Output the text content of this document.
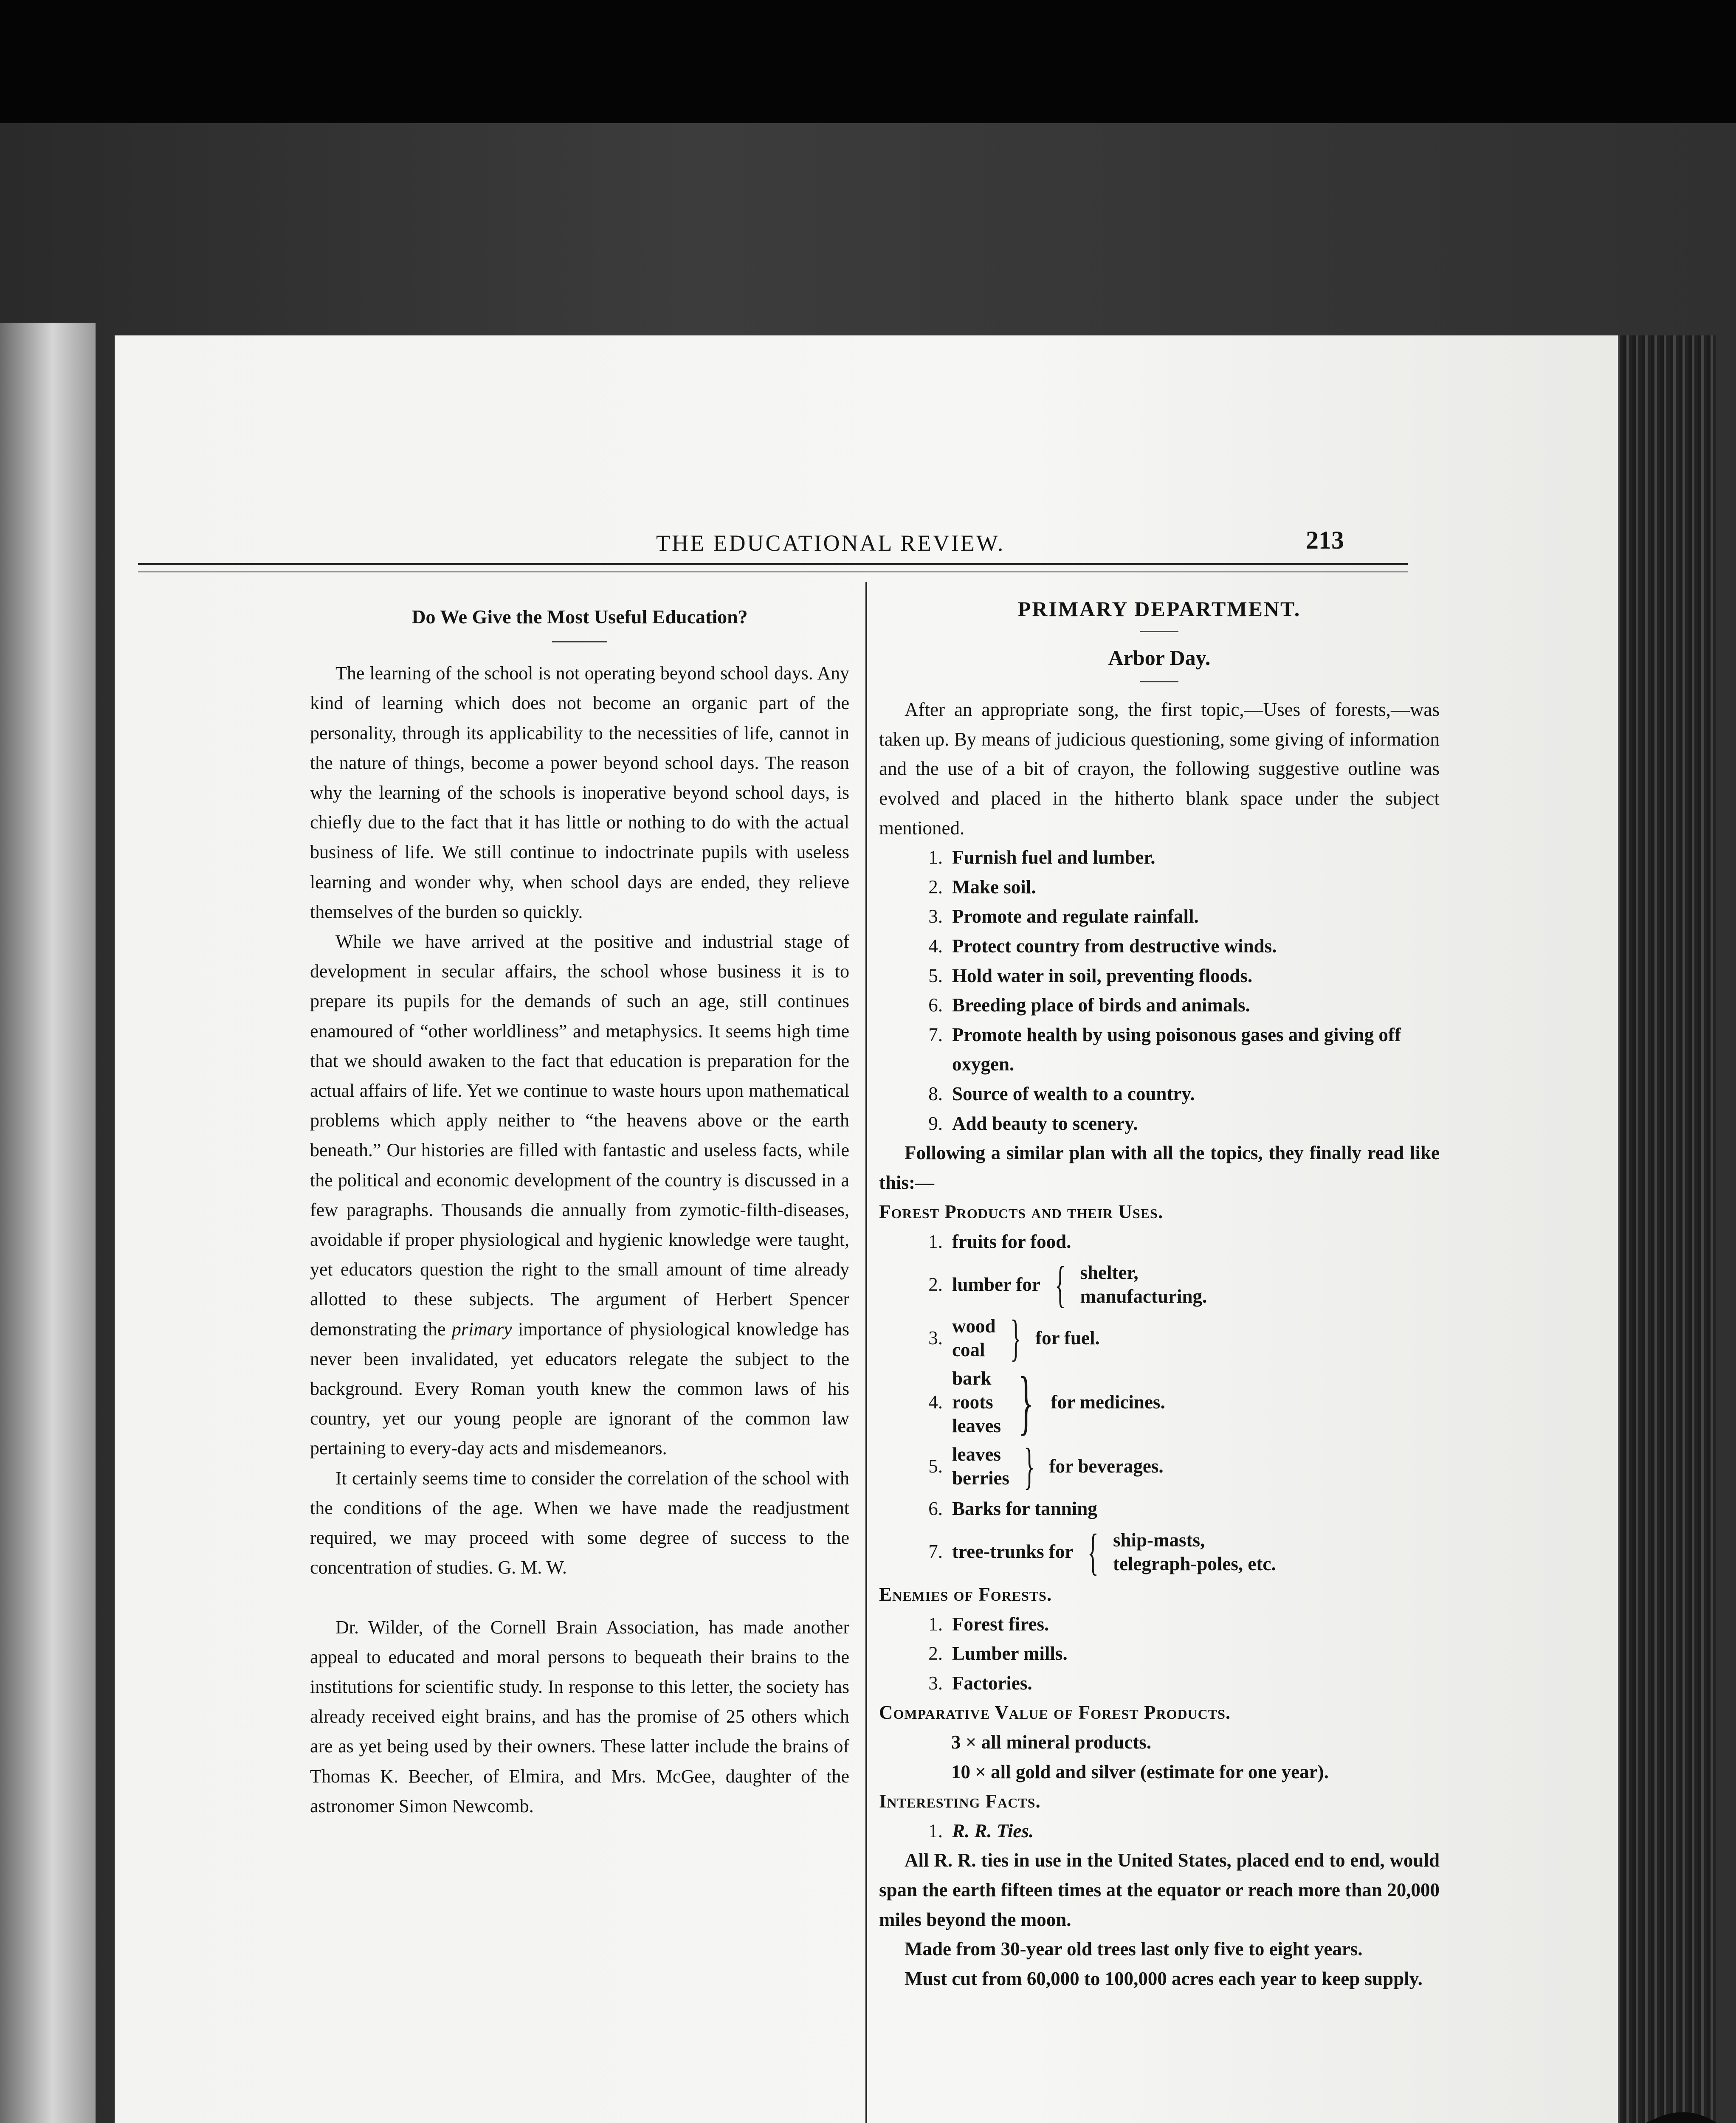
THE EDUCATIONAL REVIEW.	213
Do We Give the Most Useful Education?

The learning of the school is not operating beyond school days. Any kind of learning which does not become an organic part of the personality, through its applicability to the necessities of life, cannot in the nature of things, become a power beyond school days. The reason why the learning of the schools is inoperative beyond school days, is chiefly due to the fact that it has little or nothing to do with the actual business of life. We still continue to indoctrinate pupils with useless learning and wonder why, when school days are ended, they relieve themselves of the burden so quickly.

While we have arrived at the positive and industrial stage of development in secular affairs, the school whose business it is to prepare its pupils for the demands of such an age, still continues enamoured of “other worldliness” and metaphysics. It seems high time that we should awaken to the fact that education is preparation for the actual affairs of life. Yet we continue to waste hours upon mathematical problems which apply neither to “the heavens above or the earth beneath.” Our histories are filled with fantastic and useless facts, while the political and economic development of the country is discussed in a few paragraphs. Thousands die annually from zymotic-filth-diseases, avoidable if proper physiological and hygienic knowledge were taught, yet educators question the right to the small amount of time already allotted to these subjects. The argument of Herbert Spencer demonstrating the primary importance of physiological knowledge has never been invalidated, yet educators relegate the subject to the background. Every Roman youth knew the common laws of his country, yet our young people are ignorant of the common law pertaining to every-day acts and misdemeanors.

It certainly seems time to consider the correlation of the school with the conditions of the age. When we have made the readjustment required, we may proceed with some degree of success to the concentration of studies. G. M. W.

Dr. Wilder, of the Cornell Brain Association, has made another appeal to educated and moral persons to bequeath their brains to the institutions for scientific study. In response to this letter, the society has already received eight brains, and has the promise of 25 others which are as yet being used by their owners. These latter include the brains of Thomas K. Beecher, of Elmira, and Mrs. McGee, daughter of the astronomer Simon Newcomb.

PRIMARY DEPARTMENT.
Arbor Day.

After an appropriate song, the first topic,—Uses of forests,—was taken up. By means of judicious questioning, some giving of information and the use of a bit of crayon, the following suggestive outline was evolved and placed in the hitherto blank space under the subject mentioned.

1. Furnish fuel and lumber.
2. Make soil.
3. Promote and regulate rainfall.
4. Protect country from destructive winds.
5. Hold water in soil, preventing floods.
6. Breeding place of birds and animals.
7. Promote health by using poisonous gases and giving off oxygen.
8. Source of wealth to a country.
9. Add beauty to scenery.

Following a similar plan with all the topics, they finally read like this:—

Forest Products and their Uses.
1. fruits for food.
2. lumber for { shelter,
manufacturing.
3.
wood
coal } for fuel.
4.
bark
roots
leaves } for medicines.
5.
leaves
berries } for beverages.
6. Barks for tanning
7. tree-trunks for { ship-masts,
telegraph-poles, etc.
Enemies of Forests.
1. Forest fires.
2. Lumber mills.
3. Factories.
Comparative Value of Forest Products.
3 × all mineral products.
10 × all gold and silver (estimate for one year).
Interesting Facts.
1. R. R. Ties.

All R. R. ties in use in the United States, placed end to end, would span the earth fifteen times at the equator or reach more than 20,000 miles beyond the moon.

Made from 30-year old trees last only five to eight years.

Must cut from 60,000 to 100,000 acres each year to keep supply.
